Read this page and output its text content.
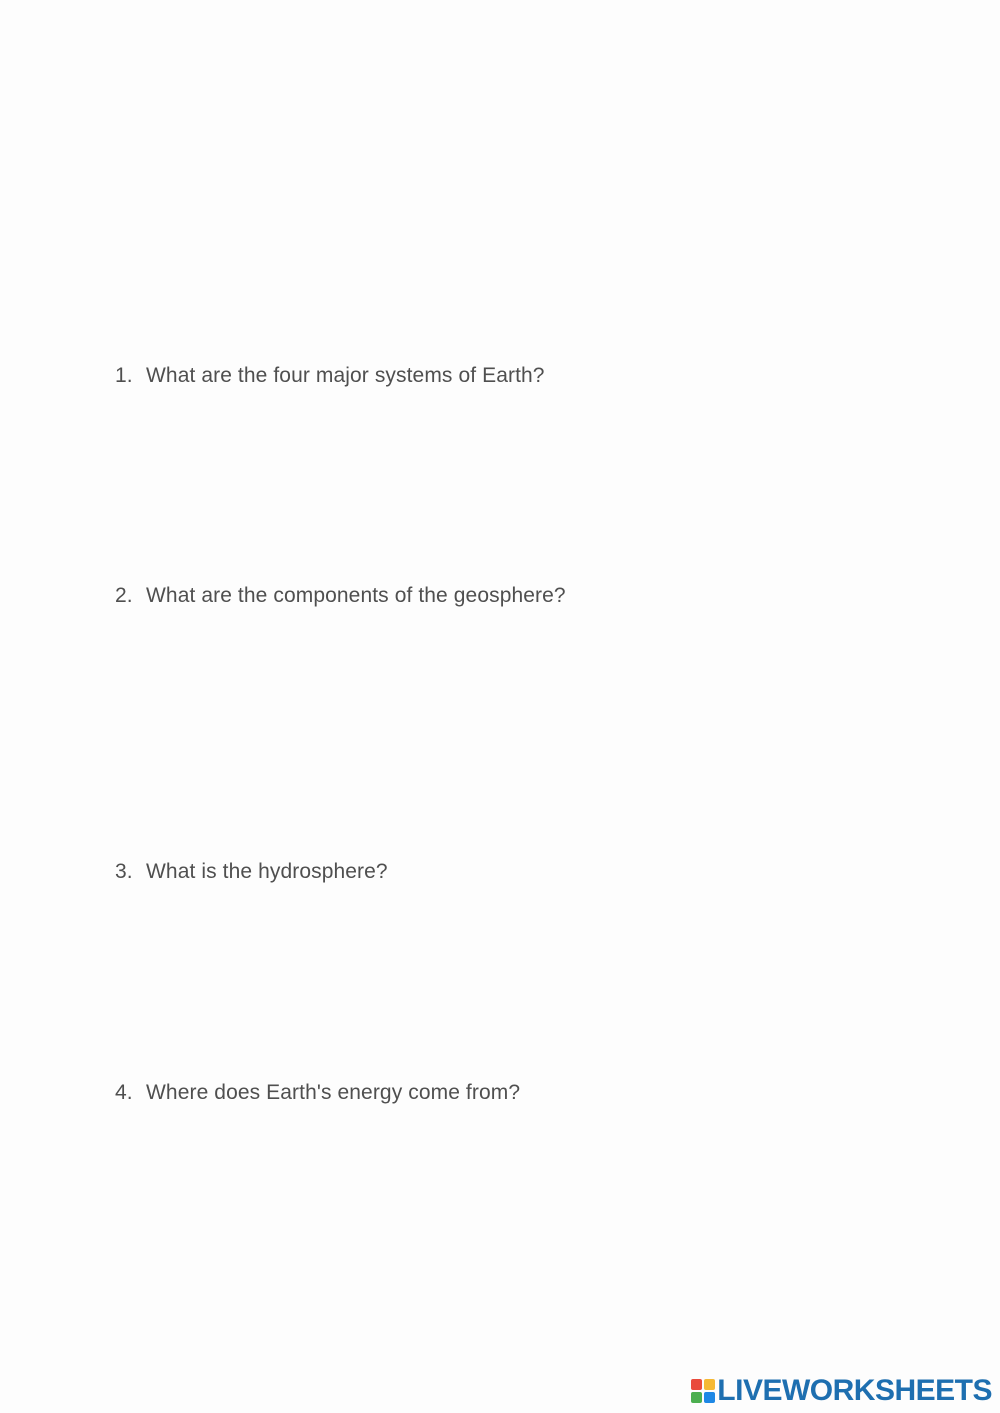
1. What are the four major systems of Earth?
2. What are the components of the geosphere?
3. What is the hydrosphere?
4. Where does Earth's energy come from?
LIVEWORKSHEETS
